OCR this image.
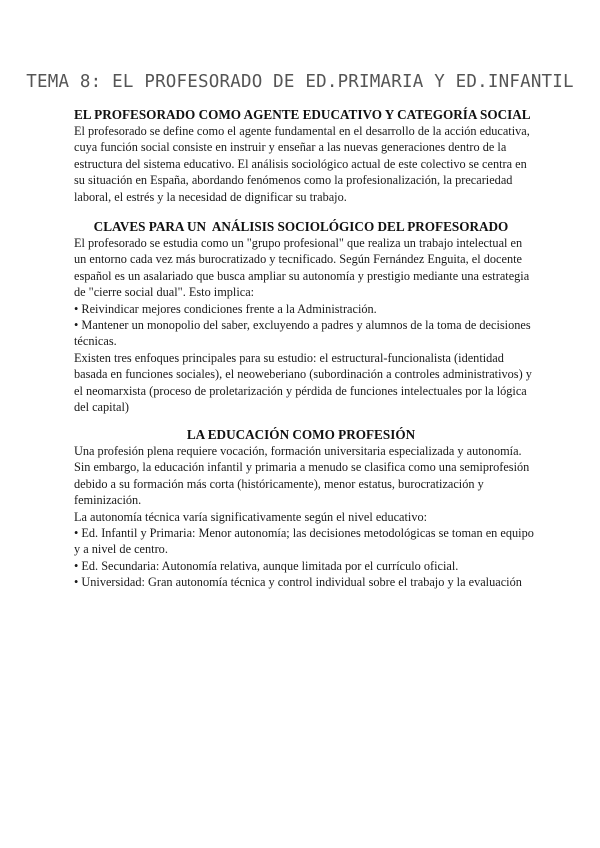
TEMA 8: EL PROFESORADO DE ED.PRIMARIA Y ED.INFANTIL
EL PROFESORADO COMO AGENTE EDUCATIVO Y CATEGORÍA SOCIAL

El profesorado se define como el agente fundamental en el desarrollo de la acción educativa,
cuya función social consiste en instruir y enseñar a las nuevas generaciones dentro de la
estructura del sistema educativo. El análisis sociológico actual de este colectivo se centra en
su situación en España, abordando fenómenos como la profesionalización, la precariedad
laboral, el estrés y la necesidad de dignificar su trabajo.

CLAVES PARA UN  ANÁLISIS SOCIOLÓGICO DEL PROFESORADO

El profesorado se estudia como un "grupo profesional" que realiza un trabajo intelectual en
un entorno cada vez más burocratizado y tecnificado. Según Fernández Enguita, el docente
español es un asalariado que busca ampliar su autonomía y prestigio mediante una estrategia
de "cierre social dual". Esto implica:
• Reivindicar mejores condiciones frente a la Administración.
• Mantener un monopolio del saber, excluyendo a padres y alumnos de la toma de decisiones
técnicas.
Existen tres enfoques principales para su estudio: el estructural-funcionalista (identidad
basada en funciones sociales), el neoweberiano (subordinación a controles administrativos) y
el neomarxista (proceso de proletarización y pérdida de funciones intelectuales por la lógica
del capital)

LA EDUCACIÓN COMO PROFESIÓN

Una profesión plena requiere vocación, formación universitaria especializada y autonomía.
Sin embargo, la educación infantil y primaria a menudo se clasifica como una semiprofesión
debido a su formación más corta (históricamente), menor estatus, burocratización y
feminización.
La autonomía técnica varía significativamente según el nivel educativo:
• Ed. Infantil y Primaria: Menor autonomía; las decisiones metodológicas se toman en equipo
y a nivel de centro.
• Ed. Secundaria: Autonomía relativa, aunque limitada por el currículo oficial.
• Universidad: Gran autonomía técnica y control individual sobre el trabajo y la evaluación
